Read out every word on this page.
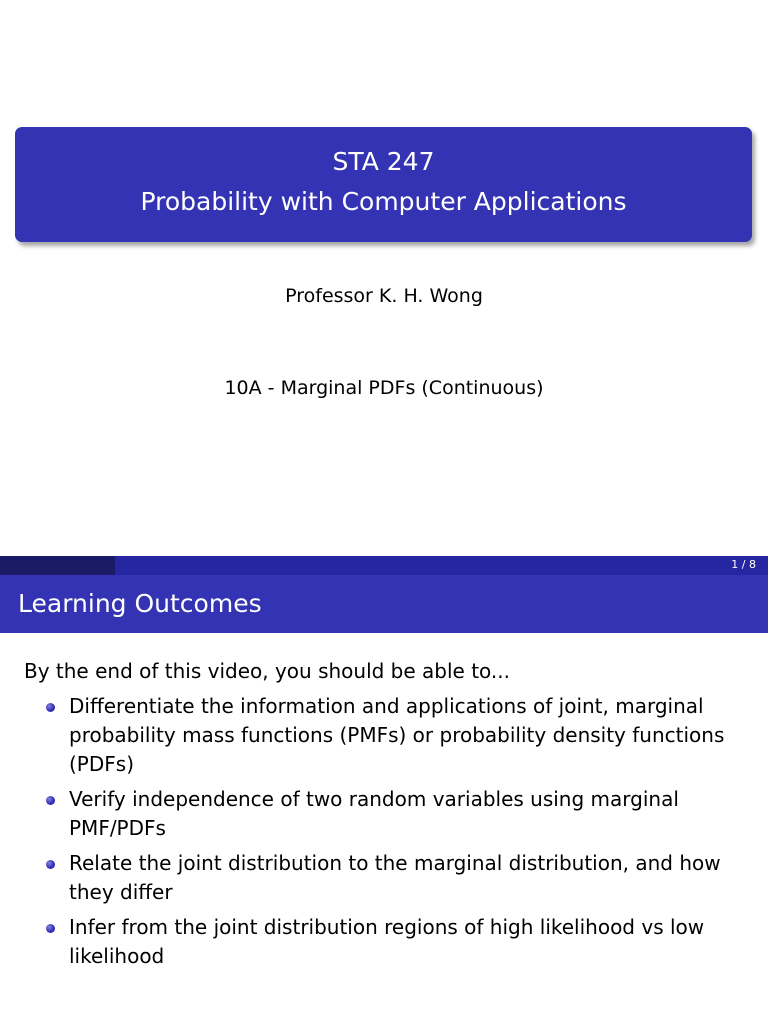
STA 247
Probability with Computer Applications
Professor K. H. Wong
10A - Marginal PDFs (Continuous)
1 / 8
Learning Outcomes
By the end of this video, you should be able to...
Differentiate the information and applications of joint, marginal
probability mass functions (PMFs) or probability density functions
(PDFs)
Verify independence of two random variables using marginal
PMF/PDFs
Relate the joint distribution to the marginal distribution, and how
they differ
Infer from the joint distribution regions of high likelihood vs low
likelihood
